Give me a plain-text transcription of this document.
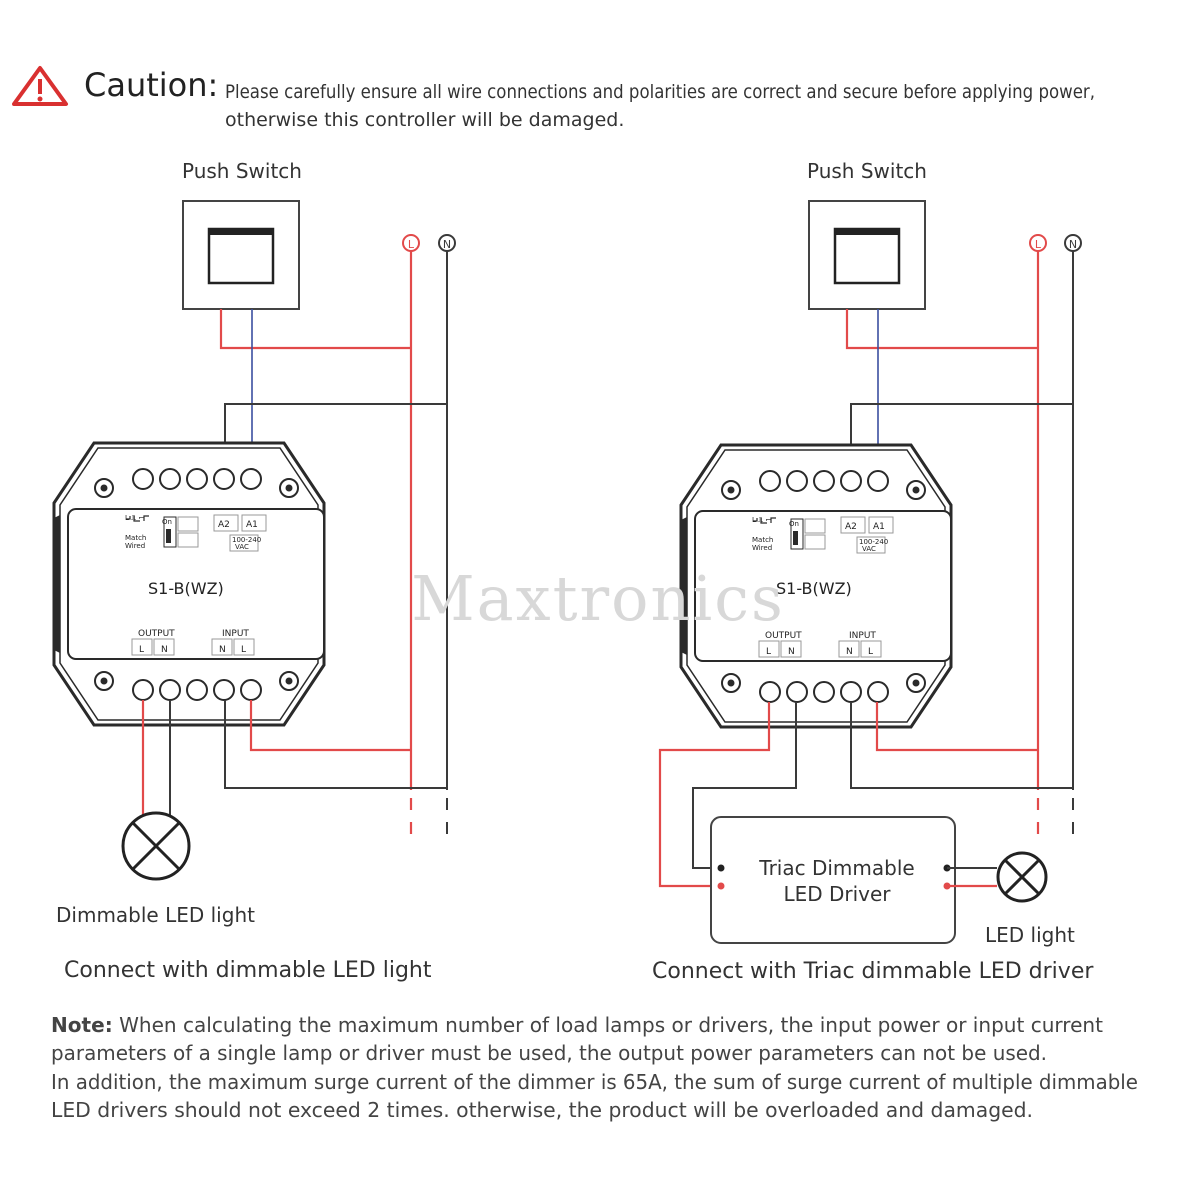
Caution: Please carefully ensure all wire connections and polarities are correct and secure before applying power,
otherwise this controller will be damaged.
Push Switch
L	N
L ⎍ ⌐
Match
Wired
On	A2 A1
100-240
VAC
S1-B(WZ)
OUTPUT	INPUT
L N	N L
Dimmable LED light
Connect with dimmable LED light
Push Switch
L	N
L ⎍ ⌐
Match
Wired
On	A2 A1
100-240
VAC
S1-B(WZ)
OUTPUT	INPUT
L N	N L
Triac Dimmable
LED Driver
LED light
Connect with Triac dimmable LED driver
Maxtronics
Note: When calculating the maximum number of load lamps or drivers, the input power or input current
parameters of a single lamp or driver must be used, the output power parameters can not be used.
In addition, the maximum surge current of the dimmer is 65A, the sum of surge current of multiple dimmable
LED drivers should not exceed 2 times. otherwise, the product will be overloaded and damaged.
